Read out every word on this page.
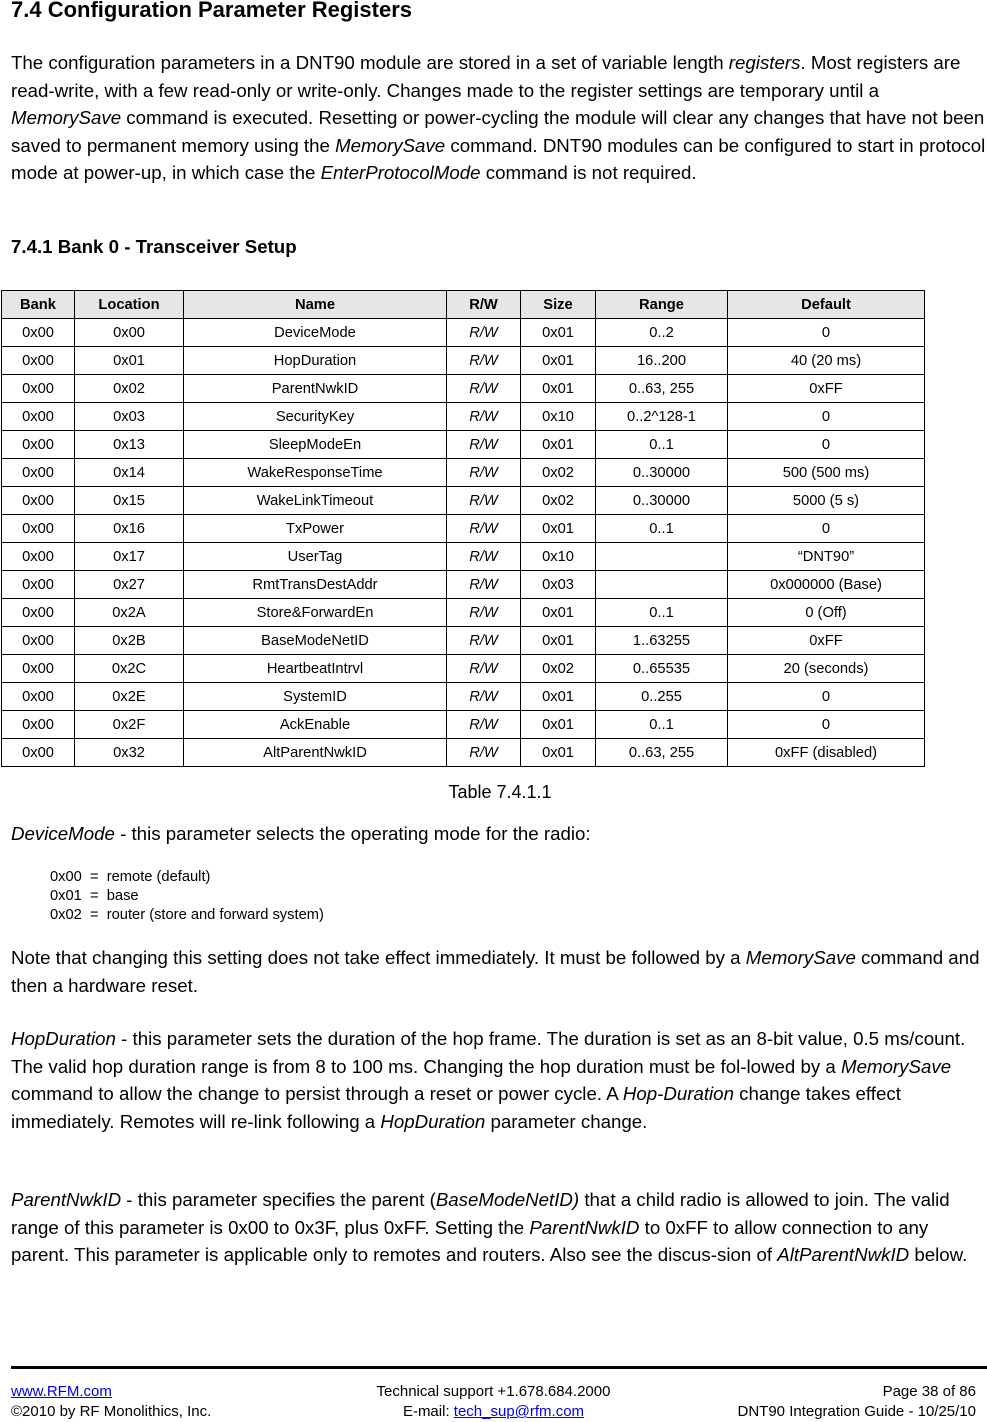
7.4 Configuration Parameter Registers

The configuration parameters in a DNT90 module are stored in a set of variable length registers. Most registers are read-write, with a few read-only or write-only. Changes made to the register settings are temporary until a MemorySave command is executed. Resetting or power-cycling the module will clear any changes that have not been saved to permanent memory using the MemorySave command. DNT90 modules can be configured to start in protocol mode at power-up, in which case the EnterProtocolMode command is not required.

7.4.1 Bank 0 - Transceiver Setup
Bank	Location	Name	R/W	Size	Range	Default
0x00	0x00	DeviceMode	R/W	0x01	0..2	0
0x00	0x01	HopDuration	R/W	0x01	16..200	40 (20 ms)
0x00	0x02	ParentNwkID	R/W	0x01	0..63, 255	0xFF
0x00	0x03	SecurityKey	R/W	0x10	0..2^128-1	0
0x00	0x13	SleepModeEn	R/W	0x01	0..1	0
0x00	0x14	WakeResponseTime	R/W	0x02	0..30000	500 (500 ms)
0x00	0x15	WakeLinkTimeout	R/W	0x02	0..30000	5000 (5 s)
0x00	0x16	TxPower	R/W	0x01	0..1	0
0x00	0x17	UserTag	R/W	0x10		“DNT90”
0x00	0x27	RmtTransDestAddr	R/W	0x03		0x000000 (Base)
0x00	0x2A	Store&ForwardEn	R/W	0x01	0..1	0 (Off)
0x00	0x2B	BaseModeNetID	R/W	0x01	1..63255	0xFF
0x00	0x2C	HeartbeatIntrvl	R/W	0x02	0..65535	20 (seconds)
0x00	0x2E	SystemID	R/W	0x01	0..255	0
0x00	0x2F	AckEnable	R/W	0x01	0..1	0
0x00	0x32	AltParentNwkID	R/W	0x01	0..63, 255	0xFF (disabled)
Table 7.4.1.1

DeviceMode - this parameter selects the operating mode for the radio:

0x00  =  remote (default)
0x01  =  base
0x02  =  router (store and forward system)

Note that changing this setting does not take effect immediately. It must be followed by a MemorySave command and then a hardware reset.

HopDuration - this parameter sets the duration of the hop frame. The duration is set as an 8-bit value, 0.5 ms/count. The valid hop duration range is from 8 to 100 ms. Changing the hop duration must be fol-lowed by a MemorySave command to allow the change to persist through a reset or power cycle. A Hop-Duration change takes effect immediately. Remotes will re-link following a HopDuration parameter change.

ParentNwkID - this parameter specifies the parent (BaseModeNetID) that a child radio is allowed to join. The valid range of this parameter is 0x00 to 0x3F, plus 0xFF. Setting the ParentNwkID to 0xFF to allow connection to any parent. This parameter is applicable only to remotes and routers. Also see the discus-sion of AltParentNwkID below.

www.RFM.com
©2010 by RF Monolithics, Inc.
Technical support +1.678.684.2000
E-mail: tech_sup@rfm.com
Page 38 of 86
DNT90 Integration Guide - 10/25/10
